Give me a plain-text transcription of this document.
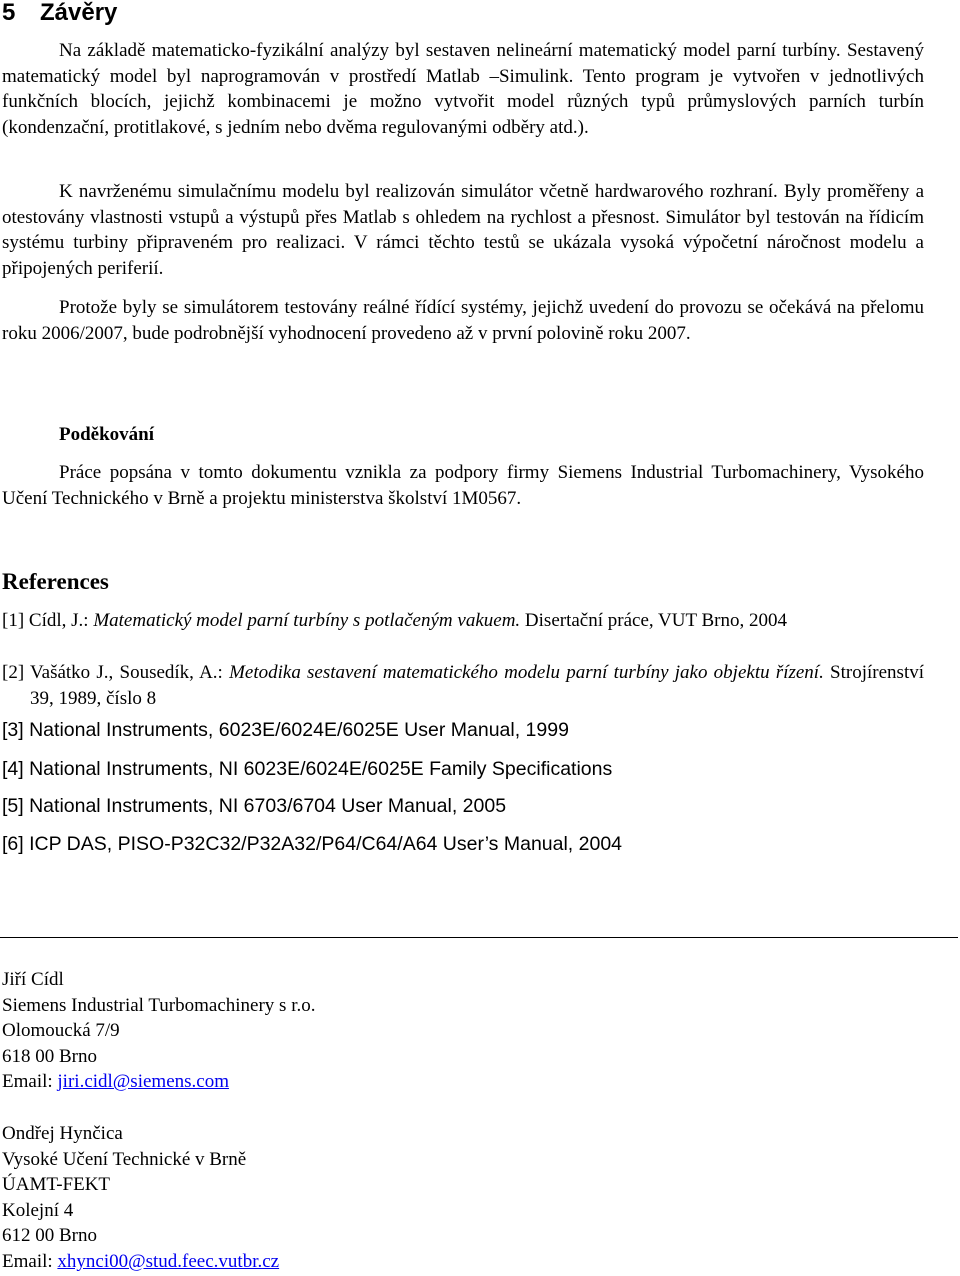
5 Závěry

Na základě matematicko-fyzikální analýzy byl sestaven nelineární matematický model parní turbíny. Sestavený matematický model byl naprogramován v prostředí Matlab –Simulink. Tento program je vytvořen v jednotlivých funkčních blocích, jejichž kombinacemi je možno vytvořit model různých typů průmyslových parních turbín (kondenzační, protitlakové, s jedním nebo dvěma regulovanými odběry atd.).

K navrženému simulačnímu modelu byl realizován simulátor včetně hardwarového rozhraní. Byly proměřeny a otestovány vlastnosti vstupů a výstupů přes Matlab s ohledem na rychlost a přesnost. Simulátor byl testován na řídicím systému turbiny připraveném pro realizaci. V rámci těchto testů se ukázala vysoká výpočetní náročnost modelu a připojených periferií.

Protože byly se simulátorem testovány reálné řídící systémy, jejichž uvedení do provozu se očekává na přelomu roku 2006/2007, bude podrobnější vyhodnocení provedeno až v první polovině roku 2007.

Poděkování

Práce popsána v tomto dokumentu vznikla za podpory firmy Siemens Industrial Turbomachinery, Vysokého Učení Technického v Brně a projektu ministerstva školství 1M0567.

References

[1] Cídl, J.: Matematický model parní turbíny s potlačeným vakuem. Disertační práce, VUT Brno, 2004

[2] Vašátko J., Sousedík, A.: Metodika sestavení matematického modelu parní turbíny jako objektu řízení. Strojírenství 39, 1989, číslo 8

[3] National Instruments, 6023E/6024E/6025E User Manual, 1999

[4] National Instruments, NI 6023E/6024E/6025E Family Specifications

[5] National Instruments, NI 6703/6704 User Manual, 2005

[6] ICP DAS, PISO-P32C32/P32A32/P64/C64/A64 User’s Manual, 2004

Jiří Cídl
Siemens Industrial Turbomachinery s r.o.
Olomoucká 7/9
618 00 Brno
Email: jiri.cidl@siemens.com
Ondřej Hynčica
Vysoké Učení Technické v Brně
ÚAMT-FEKT
Kolejní 4
612 00 Brno
Email: xhynci00@stud.feec.vutbr.cz
